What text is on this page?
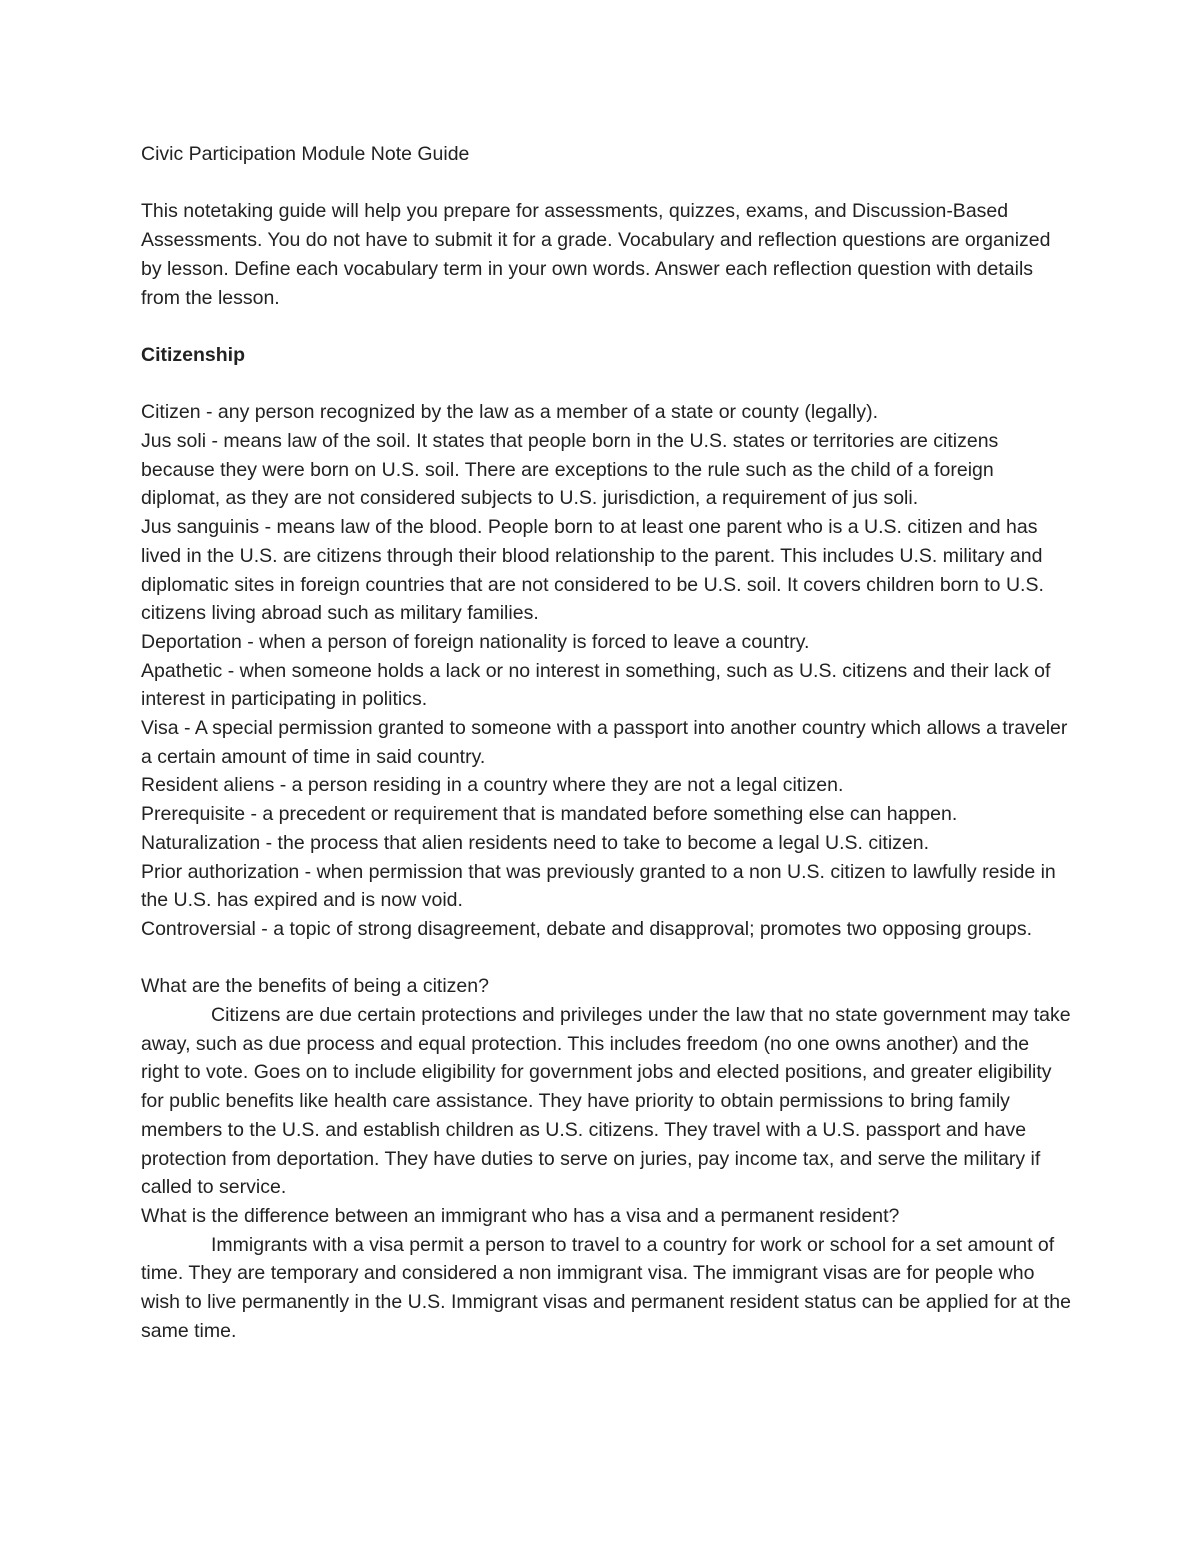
Civic Participation Module Note Guide

This notetaking guide will help you prepare for assessments, quizzes, exams, and Discussion-Based Assessments. You do not have to submit it for a grade. Vocabulary and reflection questions are organized by lesson. Define each vocabulary term in your own words. Answer each reflection question with details from the lesson.

Citizenship

Citizen - any person recognized by the law as a member of a state or county (legally).

Jus soli - means law of the soil. It states that people born in the U.S. states or territories are citizens because they were born on U.S. soil. There are exceptions to the rule such as the child of a foreign diplomat, as they are not considered subjects to U.S. jurisdiction, a requirement of jus soli.

Jus sanguinis - means law of the blood. People born to at least one parent who is a U.S. citizen and has lived in the U.S. are citizens through their blood relationship to the parent. This includes U.S. military and diplomatic sites in foreign countries that are not considered to be U.S. soil. It covers children born to U.S. citizens living abroad such as military families.

Deportation - when a person of foreign nationality is forced to leave a country.

Apathetic - when someone holds a lack or no interest in something, such as U.S. citizens and their lack of interest in participating in politics.

Visa - A special permission granted to someone with a passport into another country which allows a traveler a certain amount of time in said country.

Resident aliens - a person residing in a country where they are not a legal citizen.

Prerequisite - a precedent or requirement that is mandated before something else can happen.

Naturalization - the process that alien residents need to take to become a legal U.S. citizen.

Prior authorization - when permission that was previously granted to a non U.S. citizen to lawfully reside in the U.S. has expired and is now void.

Controversial - a topic of strong disagreement, debate and disapproval; promotes two opposing groups.

What are the benefits of being a citizen?

Citizens are due certain protections and privileges under the law that no state government may take away, such as due process and equal protection. This includes freedom (no one owns another) and the right to vote. Goes on to include eligibility for government jobs and elected positions, and greater eligibility for public benefits like health care assistance. They have priority to obtain permissions to bring family members to the U.S. and establish children as U.S. citizens. They travel with a U.S. passport and have protection from deportation. They have duties to serve on juries, pay income tax, and serve the military if called to service.

What is the difference between an immigrant who has a visa and a permanent resident?

Immigrants with a visa permit a person to travel to a country for work or school for a set amount of time. They are temporary and considered a non immigrant visa. The immigrant visas are for people who wish to live permanently in the U.S. Immigrant visas and permanent resident status can be applied for at the same time.
